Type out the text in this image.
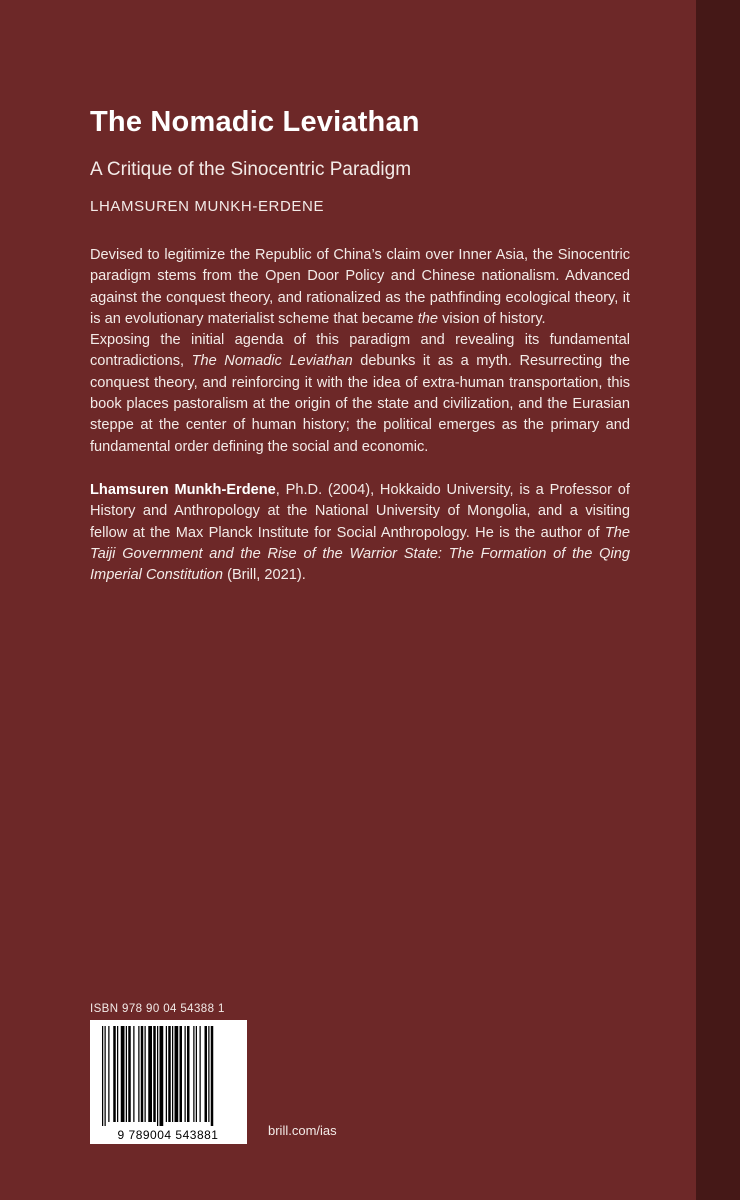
The Nomadic Leviathan
A Critique of the Sinocentric Paradigm
LHAMSUREN MUNKH-ERDENE

Devised to legitimize the Republic of China’s claim over Inner Asia, the Sinocentric paradigm stems from the Open Door Policy and Chinese nationalism. Advanced against the conquest theory, and rationalized as the pathfinding ecological theory, it is an evolutionary materialist scheme that became the vision of history.

Exposing the initial agenda of this paradigm and revealing its fundamental contradictions, The Nomadic Leviathan debunks it as a myth. Resurrecting the conquest theory, and reinforcing it with the idea of extra-human transportation, this book places pastoralism at the origin of the state and civilization, and the Eurasian steppe at the center of human history; the political emerges as the primary and fundamental order defining the social and economic.

Lhamsuren Munkh-Erdene, Ph.D. (2004), Hokkaido University, is a Professor of History and Anthropology at the National University of Mongolia, and a visiting fellow at the Max Planck Institute for Social Anthropology. He is the author of The Taiji Government and the Rise of the Warrior State: The Formation of the Qing Imperial Constitution (Brill, 2021).
ISBN 978 90 04 54388 1
9 789004 543881	brill.com/ias
